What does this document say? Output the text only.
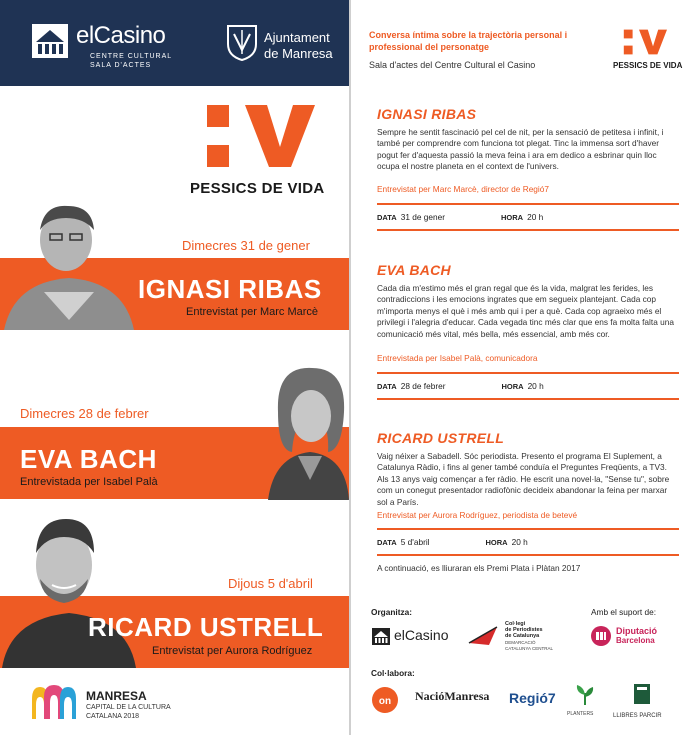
elCasino
CENTRE CULTURAL
SALA D'ACTES
Ajuntament
de Manresa
PESSICS DE VIDA
Dimecres 31 de gener
IGNASI RIBAS
Entrevistat per Marc Marcè
Dimecres 28 de febrer
EVA BACH
Entrevistada per Isabel Palà
Dijous 5 d'abril
RICARD USTRELL
Entrevistat per Aurora Rodríguez
MANRESA
CAPITAL DE LA CULTURA
CATALANA 2018
Conversa íntima sobre la trajectòria personal i
professional del personatge
Sala d'actes del Centre Cultural el Casino	PESSICS DE VIDA
IGNASI RIBAS
Sempre he sentit fascinació pel cel de nit, per la sensació de petitesa i infinit, i també per comprendre com funciona tot plegat. Tinc la immensa sort d'haver pogut fer d'aquesta passió la meva feina i ara em dedico a esbrinar quin lloc ocupa el nostre planeta en el context de l'univers.
Entrevistat per Marc Marcè, director de Regió7
DATA 31 de gener	HORA 20 h
EVA BACH
Cada dia m'estimo més el gran regal que és la vida, malgrat les ferides, les contradiccions i les emocions ingrates que em segueix plantejant. Cada cop m'importa menys el què i més amb qui i per a què. Cada cop agraeixo més el privilegi i l'alegria d'educar. Cada vegada tinc més clar que ens fa molta falta una comunicació més vital, més bella, més essencial, amb més cor.
Entrevistada per Isabel Palà, comunicadora
DATA 28 de febrer	HORA 20 h
RICARD USTRELL
Vaig néixer a Sabadell. Sóc periodista. Presento el programa El Suplement, a Catalunya Ràdio, i fins al gener també conduïa el Preguntes Freqüents, a TV3. Als 13 anys vaig començar a fer ràdio. He escrit una novel·la, "Sense tu", sobre com un conegut presentador radiofònic decideix abandonar la feina per marxar sol a París.
Entrevistat per Aurora Rodríguez, periodista de betevé
DATA 5 d'abril	HORA 20 h
A continuació, es lliuraran els Premi Plata i Plàtan 2017
Organitza:	Amb el suport de:
elCasino
Col·legi
de Periodistes
de Catalunya
DEMARCACIÓ
CATALUNYA CENTRAL
Diputació
Barcelona
Col·labora:
on NacióManresa Regió7
PLANTERS	LLIBRES PARCIR
